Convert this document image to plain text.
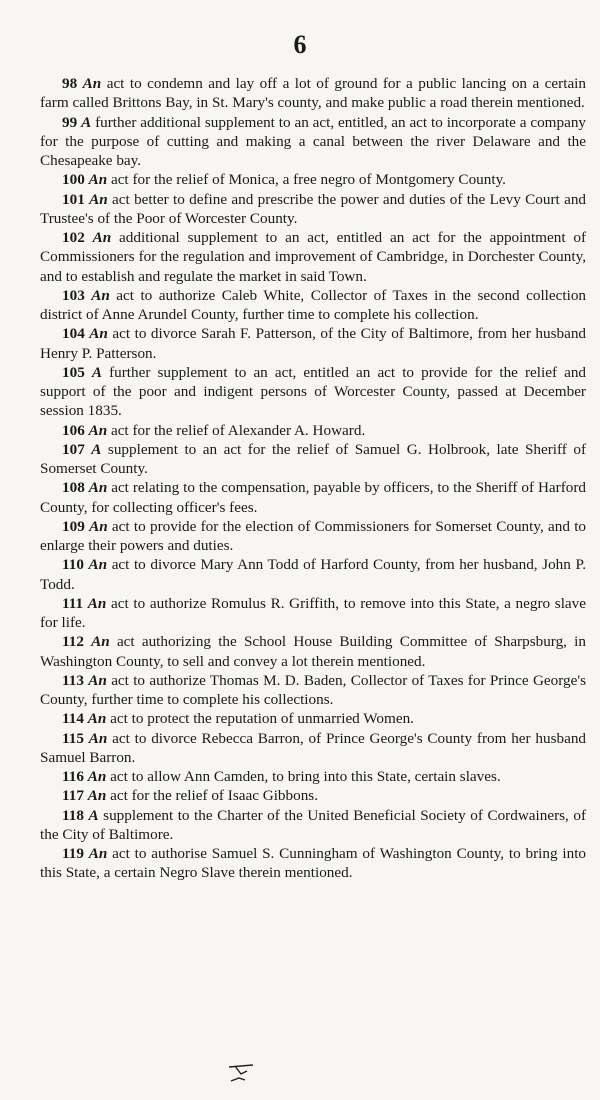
6

98 An act to condemn and lay off a lot of ground for a public lancing on a certain farm called Brittons Bay, in St. Mary's county, and make public a road therein mentioned.

99 A further additional supplement to an act, entitled, an act to incorporate a company for the purpose of cutting and making a canal between the river Delaware and the Chesapeake bay.

100 An act for the relief of Monica, a free negro of Montgomery County.

101 An act better to define and prescribe the power and duties of the Levy Court and Trustee's of the Poor of Worcester County.

102 An additional supplement to an act, entitled an act for the appointment of Commissioners for the regulation and improvement of Cambridge, in Dorchester County, and to establish and regulate the market in said Town.

103 An act to authorize Caleb White, Collector of Taxes in the second collection district of Anne Arundel County, further time to complete his collection.

104 An act to divorce Sarah F. Patterson, of the City of Baltimore, from her husband Henry P. Patterson.

105 A further supplement to an act, entitled an act to provide for the relief and support of the poor and indigent persons of Worcester County, passed at December session 1835.

106 An act for the relief of Alexander A. Howard.

107 A supplement to an act for the relief of Samuel G. Holbrook, late Sheriff of Somerset County.

108 An act relating to the compensation, payable by officers, to the Sheriff of Harford County, for collecting officer's fees.

109 An act to provide for the election of Commissioners for Somerset County, and to enlarge their powers and duties.

110 An act to divorce Mary Ann Todd of Harford County, from her husband, John P. Todd.

111 An act to authorize Romulus R. Griffith, to remove into this State, a negro slave for life.

112 An act authorizing the School House Building Committee of Sharpsburg, in Washington County, to sell and convey a lot therein mentioned.

113 An act to authorize Thomas M. D. Baden, Collector of Taxes for Prince George's County, further time to complete his collections.

114 An act to protect the reputation of unmarried Women.

115 An act to divorce Rebecca Barron, of Prince George's County from her husband Samuel Barron.

116 An act to allow Ann Camden, to bring into this State, certain slaves.

117 An act for the relief of Isaac Gibbons.

118 A supplement to the Charter of the United Beneficial Society of Cordwainers, of the City of Baltimore.

119 An act to authorise Samuel S. Cunningham of Washington County, to bring into this State, a certain Negro Slave therein mentioned.
